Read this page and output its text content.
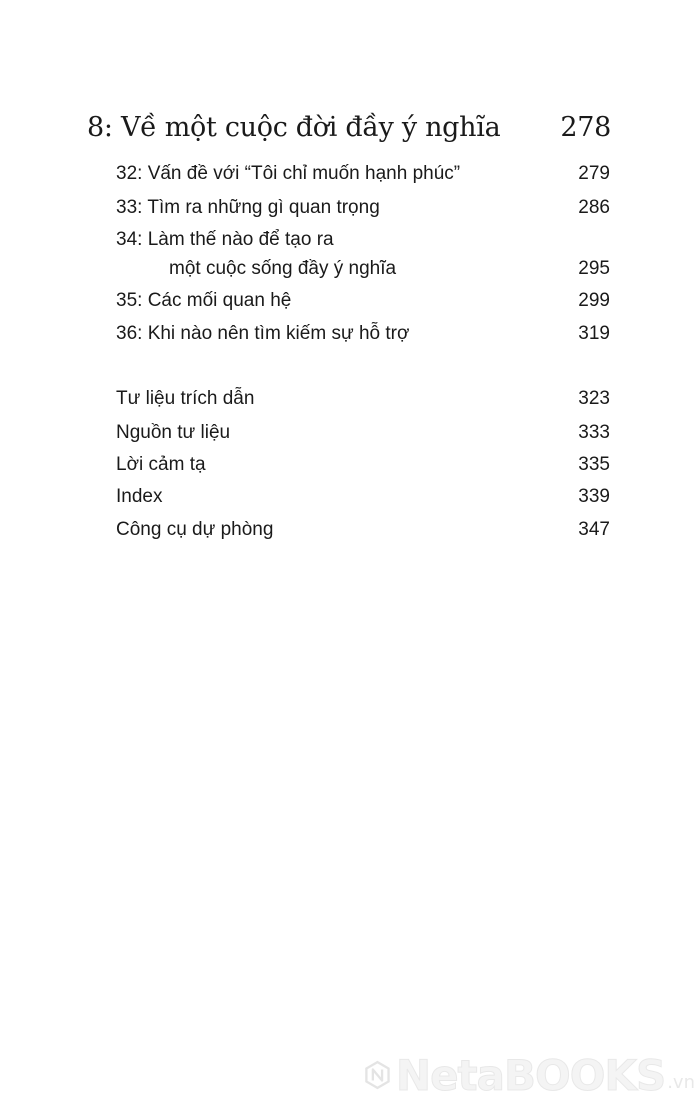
8: Về một cuộc đời đầy ý nghĩa 278
32: Vấn đề với “Tôi chỉ muốn hạnh phúc”	279
33: Tìm ra những gì quan trọng	286
34: Làm thế nào để tạo ra
một cuộc sống đầy ý nghĩa	295
35: Các mối quan hệ	299
36: Khi nào nên tìm kiếm sự hỗ trợ	319
Tư liệu trích dẫn	323
Nguồn tư liệu	333
Lời cảm tạ	335
Index	339
Công cụ dự phòng	347
NetaBOOKS .vn
